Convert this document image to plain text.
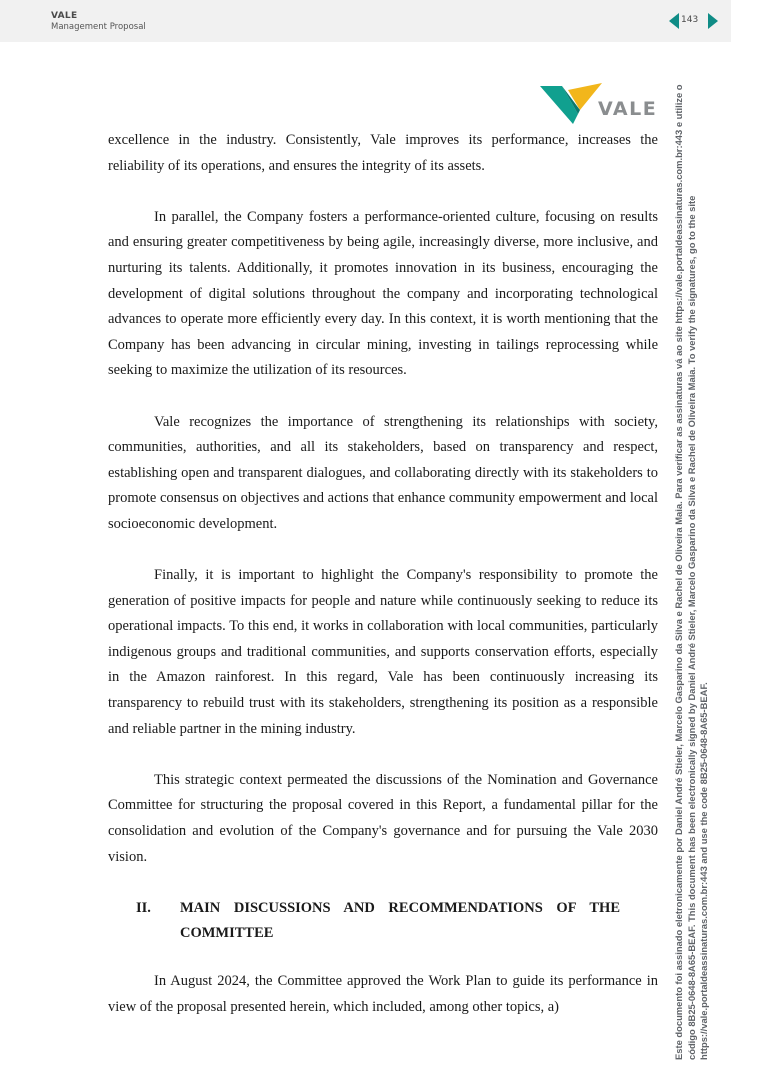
VALE
Management Proposal
143
VALE

excellence in the industry. Consistently, Vale improves its performance, increases the reliability of its operations, and ensures the integrity of its assets.

In parallel, the Company fosters a performance-oriented culture, focusing on results and ensuring greater competitiveness by being agile, increasingly diverse, more inclusive, and nurturing its talents. Additionally, it promotes innovation in its business, encouraging the development of digital solutions throughout the company and incorporating technological advances to operate more efficiently every day. In this context, it is worth mentioning that the Company has been advancing in circular mining, investing in tailings reprocessing while seeking to maximize the utilization of its resources.

Vale recognizes the importance of strengthening its relationships with society, communities, authorities, and all its stakeholders, based on transparency and respect, establishing open and transparent dialogues, and collaborating directly with its stakeholders to promote consensus on objectives and actions that enhance community empowerment and local socioeconomic development.

Finally, it is important to highlight the Company's responsibility to promote the generation of positive impacts for people and nature while continuously seeking to reduce its operational impacts. To this end, it works in collaboration with local communities, particularly indigenous groups and traditional communities, and supports conservation efforts, especially in the Amazon rainforest. In this regard, Vale has been continuously increasing its transparency to rebuild trust with its stakeholders, strengthening its position as a responsible and reliable partner in the mining industry.

This strategic context permeated the discussions of the Nomination and Governance Committee for structuring the proposal covered in this Report, a fundamental pillar for the consolidation and evolution of the Company's governance and for pursuing the Vale 2030 vision.

II.	MAIN DISCUSSIONS AND RECOMMENDATIONS OF THE COMMITTEE

In August 2024, the Committee approved the Work Plan to guide its performance in view of the proposal presented herein, which included, among other topics, a)	Este documento foi assinado eletronicamente por Daniel André Stieler, Marcelo Gasparino da Silva e Rachel de Oliveira Maia. Para verificar as assinaturas vá ao site https://vale.portaldeassinaturas.com.br:443 e utilize o código 8B25-0648-8A65-BEAF. This document has been electronically signed by Daniel André Stieler, Marcelo Gasparino da Silva e Rachel de Oliveira Maia. To verify the signatures, go to the site https://vale.portaldeassinaturas.com.br:443 and use the code 8B25-0648-8A65-BEAF.
